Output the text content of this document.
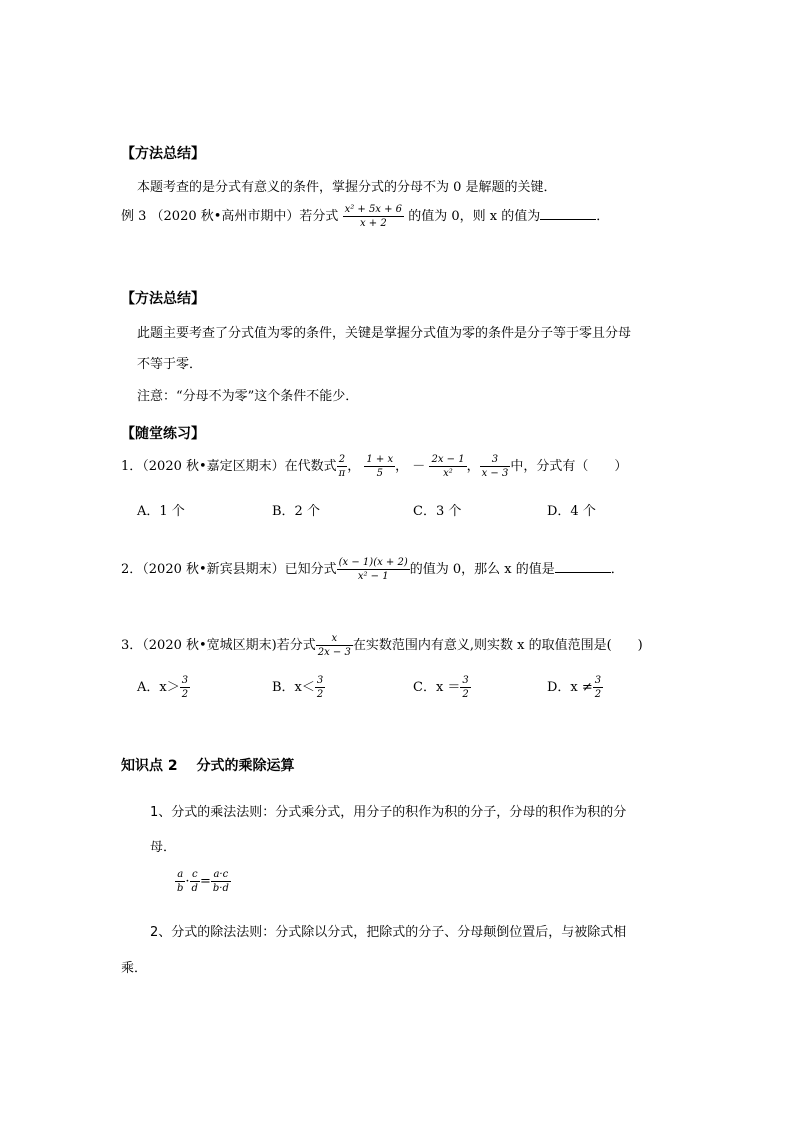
【方法总结】
本题考查的是分式有意义的条件，掌握分式的分母不为 0 是解题的关键．
例 3 （2020 秋•高州市期中）若分式 $\frac{\text{x² + 5x + 6}}{x + 2}$ 的值为 0，则 x 的值为	．
【方法总结】
此题主要考查了分式值为零的条件，关键是掌握分式值为零的条件是分子等于零且分母
不等于零．
注意：“分母不为零”这个条件不能少．
【随堂练习】
1．（2020 秋•嘉定区期末）在代数式 $\frac{2}{\pi}$ ， $\frac{1 + x}{5}$ ， － $\frac{2x - 1}{\text{x²}}$ ， $\frac{3}{x - 3}$ 中，分式有（　　）
A．1 个	B．2 个	C．3 个	D．4 个
2．（2020 秋•新宾县期末）已知分式 $\frac{(x - 1)(x + 2)}{\text{x² − 1}}$ 的值为 0，那么 x 的值是	．
3．（2020 秋•宽城区期末)若分式 $\frac{x}{2x - 3}$ 在实数范围内有意义,则实数 x 的取值范围是(　　)
A．$x> \frac{3}{2}$	B．$x< \frac{3}{2}$	C．$x = \frac{3}{2}$	D．$x \ne \frac{3}{2}$
知识点 2　 分式的乘除运算
1、分式的乘法法则：分式乘分式，用分子的积作为积的分子，分母的积作为积的分
母．
$\frac{a}{b} \cdot \frac{c}{d} = \frac{a\cdot c}{b\cdot d}$
2、分式的除法法则：分式除以分式，把除式的分子、分母颠倒位置后，与被除式相
乘．
